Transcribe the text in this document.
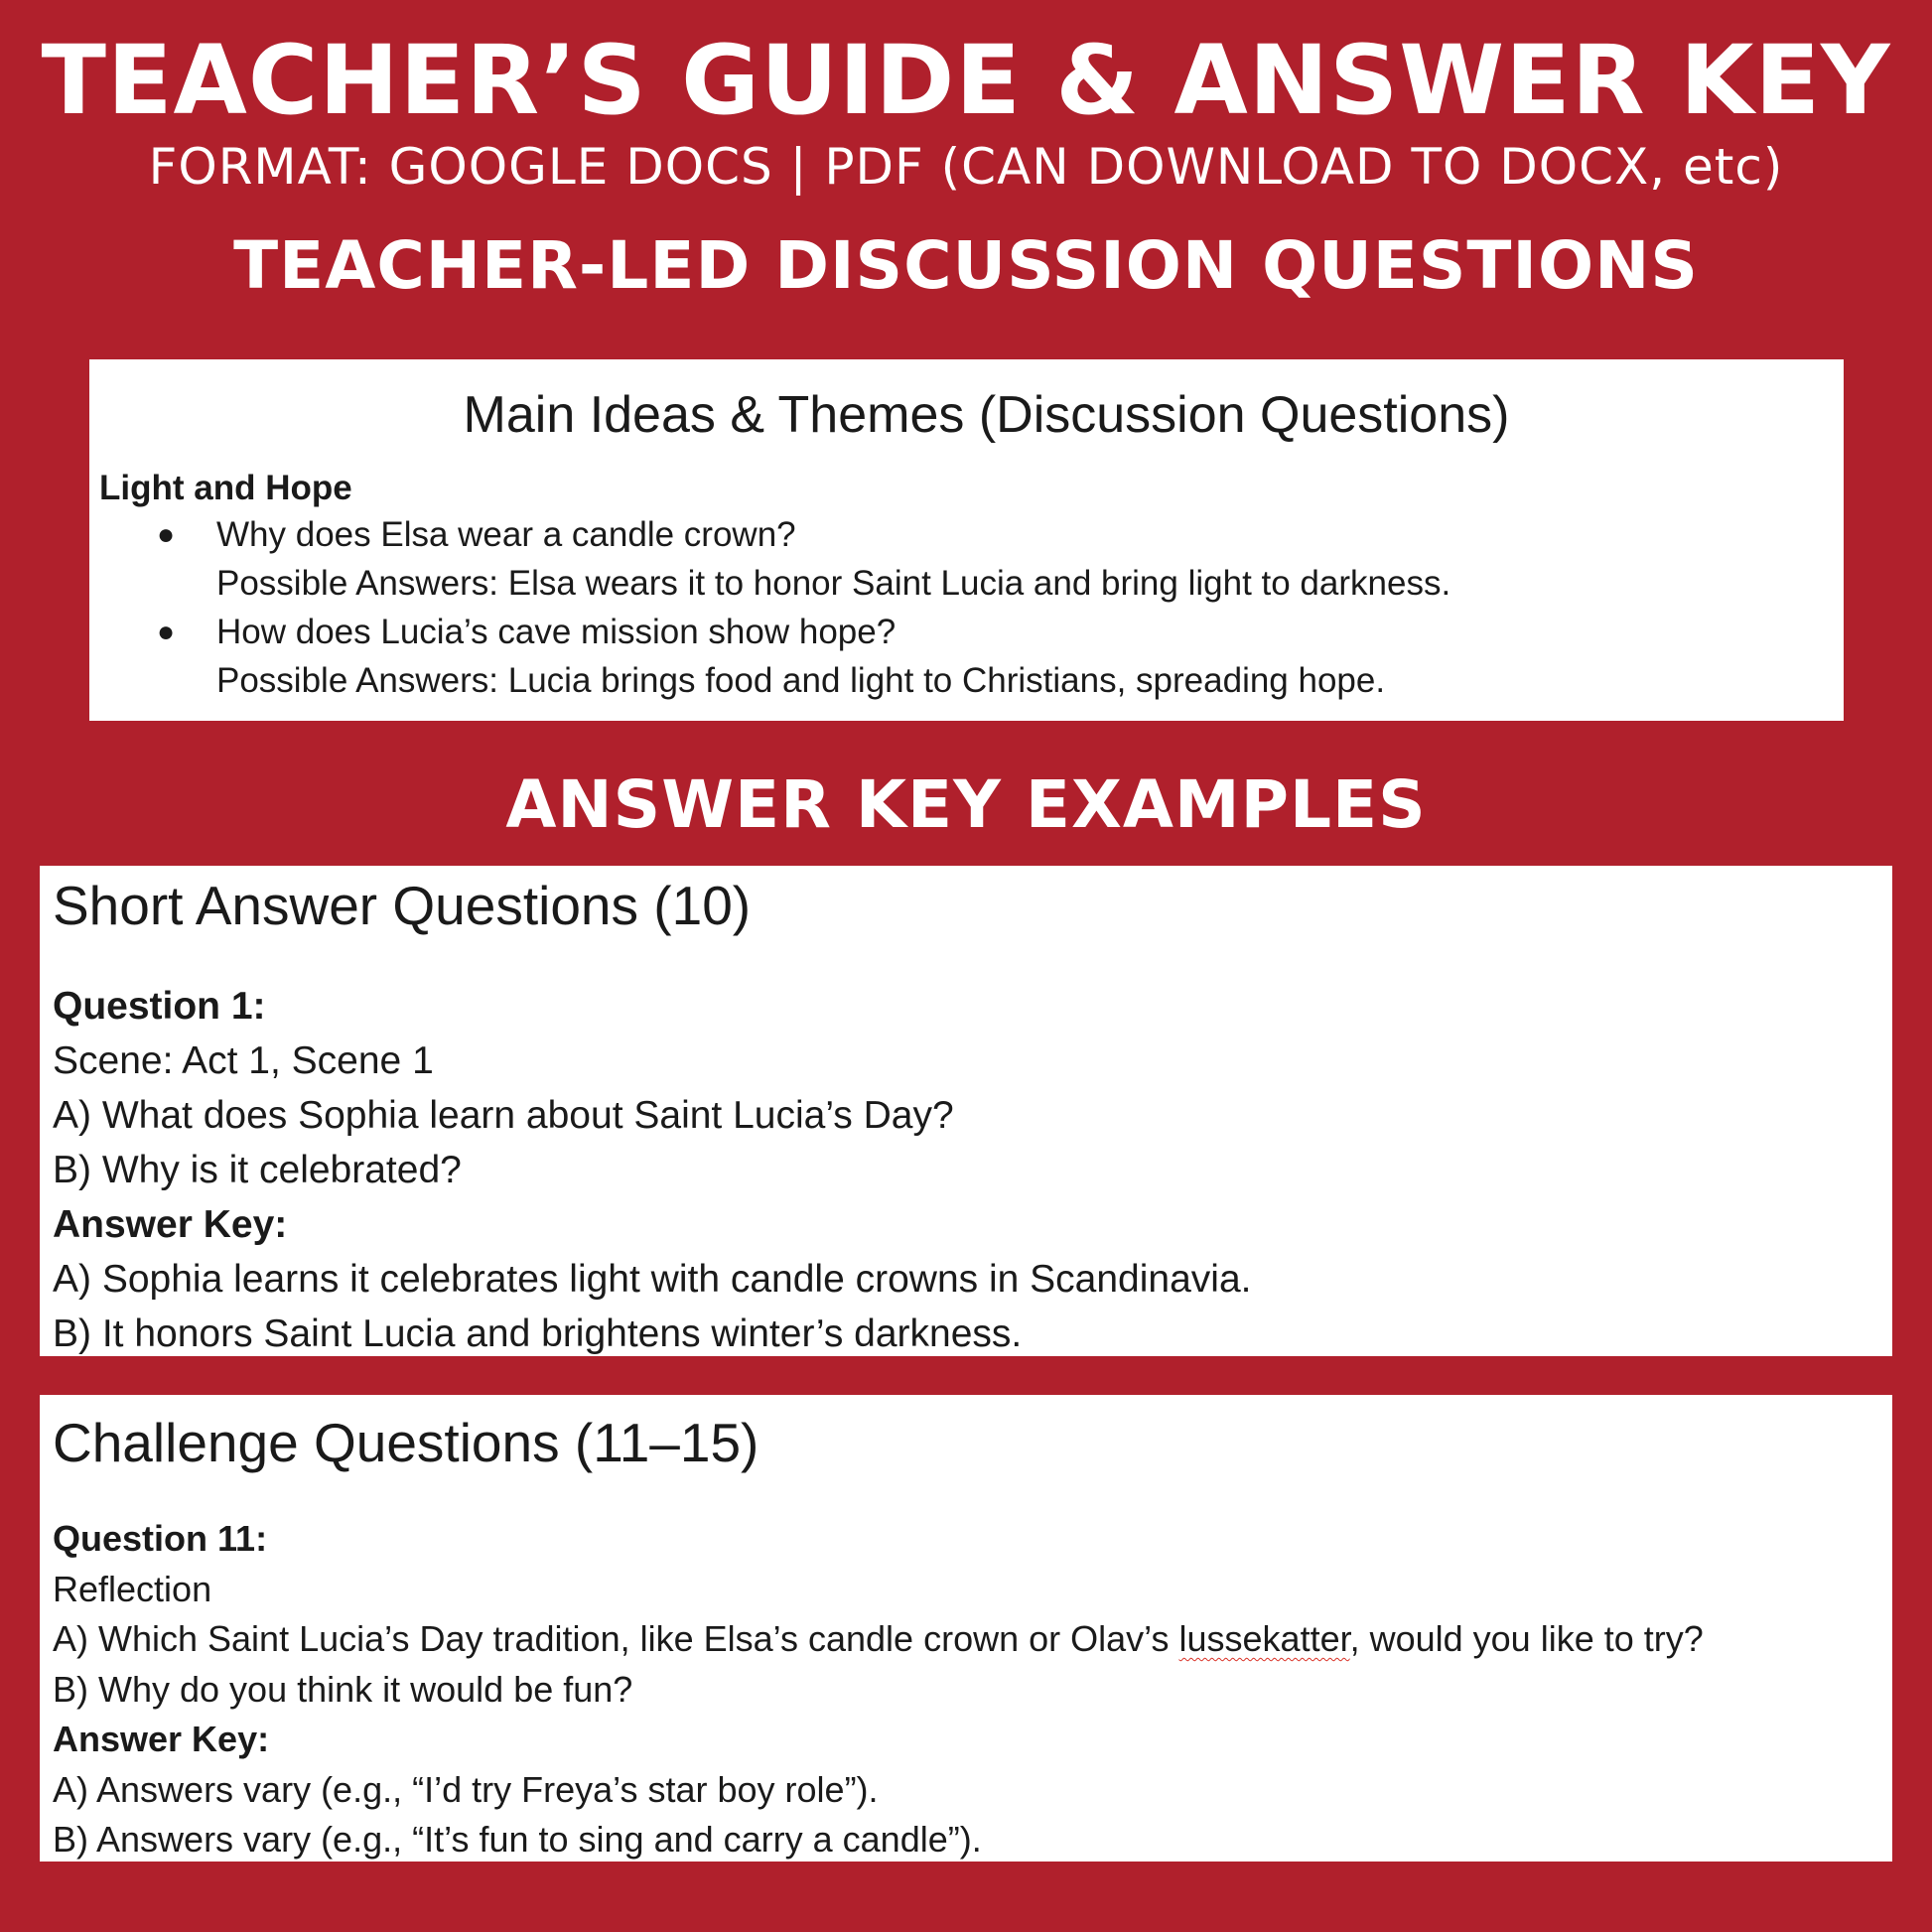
TEACHER’S GUIDE & ANSWER KEY
FORMAT: GOOGLE DOCS | PDF (CAN DOWNLOAD TO DOCX, etc)
TEACHER-LED DISCUSSION QUESTIONS
Main Ideas & Themes (Discussion Questions)
Light and Hope
● Why does Elsa wear a candle crown?
Possible Answers: Elsa wears it to honor Saint Lucia and bring light to darkness.
● How does Lucia’s cave mission show hope?
Possible Answers: Lucia brings food and light to Christians, spreading hope.
ANSWER KEY EXAMPLES
Short Answer Questions (10)
Question 1:
Scene: Act 1, Scene 1
A) What does Sophia learn about Saint Lucia’s Day?
B) Why is it celebrated?
Answer Key:
A) Sophia learns it celebrates light with candle crowns in Scandinavia.
B) It honors Saint Lucia and brightens winter’s darkness.
Challenge Questions (11–15)
Question 11:
Reflection
A) Which Saint Lucia’s Day tradition, like Elsa’s candle crown or Olav’s lussekatter, would you like to try?
B) Why do you think it would be fun?
Answer Key:
A) Answers vary (e.g., “I’d try Freya’s star boy role”).
B) Answers vary (e.g., “It’s fun to sing and carry a candle”).
